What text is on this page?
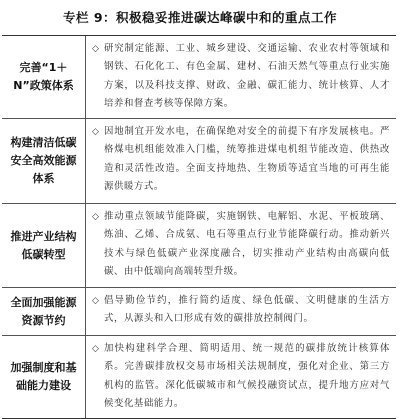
专栏 9：积极稳妥推进碳达峰碳中和的重点工作
完善“1＋N”政策体系
◇ 研究制定能源、工业、城乡建设、交通运输、农业农村等领域和钢铁、石化化工、有色金属、建材、石油天然气等重点行业实施方案，以及科技支撑、财政、金融、碳汇能力、统计核算、人才培养和督查考核等保障方案。
构建清洁低碳安全高效能源体系
◇ 因地制宜开发水电，在确保绝对安全的前提下有序发展核电。严格煤电机组能效准入门槛，统筹推进煤电机组节能改造、供热改造和灵活性改造。全面支持地热、生物质等适宜当地的可再生能源供暖方式。
推进产业结构低碳转型
◇ 推动重点领域节能降碳，实施钢铁、电解铝、水泥、平板玻璃、炼油、乙烯、合成氨、电石等重点行业节能降碳行动。推动新兴技术与绿色低碳产业深度融合，切实推动产业结构由高碳向低碳、由中低端向高端转型升级。
全面加强能源资源节约
◇ 倡导勤俭节约，推行简约适度、绿色低碳、文明健康的生活方式，从源头和入口形成有效的碳排放控制阀门。
加强制度和基础能力建设
◇ 加快构建科学合理、简明适用、统一规范的碳排放统计核算体系。完善碳排放权交易市场相关法规制度，强化对企业、第三方机构的监管。深化低碳城市和气候投融资试点，提升地方应对气候变化基础能力。
